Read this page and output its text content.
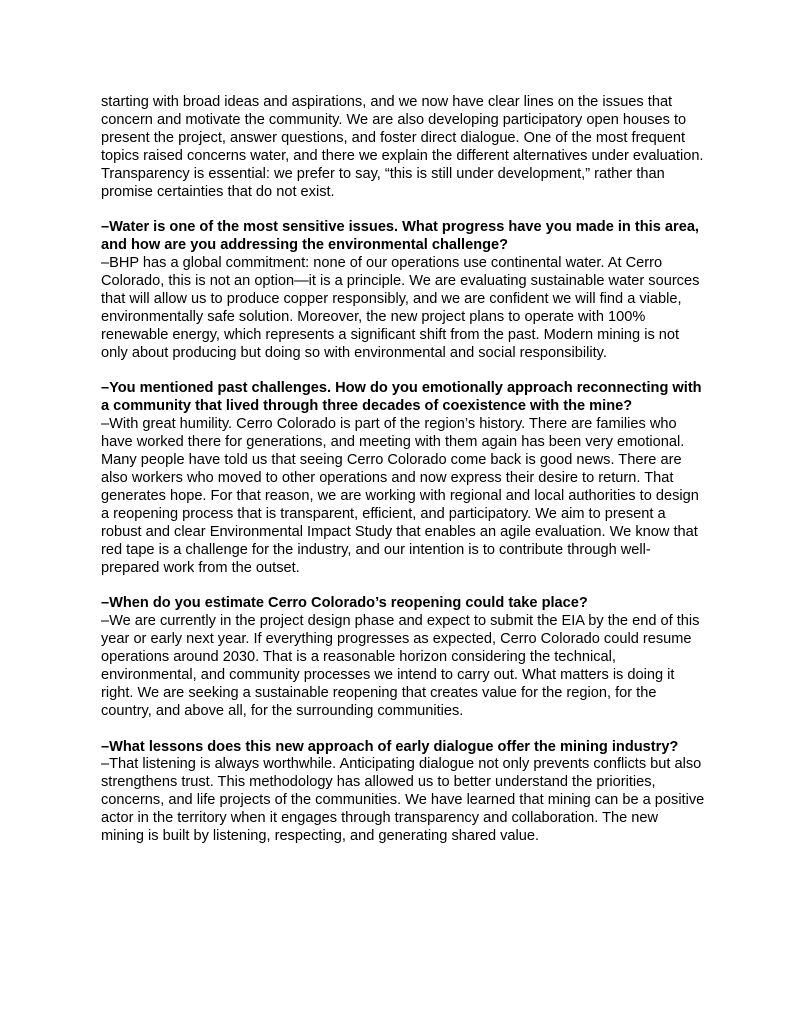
starting with broad ideas and aspirations, and we now have clear lines on the issues that concern and motivate the community. We are also developing participatory open houses to present the project, answer questions, and foster direct dialogue. One of the most frequent topics raised concerns water, and there we explain the different alternatives under evaluation. Transparency is essential: we prefer to say, “this is still under development,” rather than promise certainties that do not exist.

–Water is one of the most sensitive issues. What progress have you made in this area, and how are you addressing the environmental challenge?

–BHP has a global commitment: none of our operations use continental water. At Cerro Colorado, this is not an option—it is a principle. We are evaluating sustainable water sources that will allow us to produce copper responsibly, and we are confident we will find a viable, environmentally safe solution. Moreover, the new project plans to operate with 100% renewable energy, which represents a significant shift from the past. Modern mining is not only about producing but doing so with environmental and social responsibility.

–You mentioned past challenges. How do you emotionally approach reconnecting with a community that lived through three decades of coexistence with the mine?

–With great humility. Cerro Colorado is part of the region’s history. There are families who have worked there for generations, and meeting with them again has been very emotional. Many people have told us that seeing Cerro Colorado come back is good news. There are also workers who moved to other operations and now express their desire to return. That generates hope. For that reason, we are working with regional and local authorities to design a reopening process that is transparent, efficient, and participatory. We aim to present a robust and clear Environmental Impact Study that enables an agile evaluation. We know that red tape is a challenge for the industry, and our intention is to contribute through well-prepared work from the outset.

–When do you estimate Cerro Colorado’s reopening could take place?

–We are currently in the project design phase and expect to submit the EIA by the end of this year or early next year. If everything progresses as expected, Cerro Colorado could resume operations around 2030. That is a reasonable horizon considering the technical, environmental, and community processes we intend to carry out. What matters is doing it right. We are seeking a sustainable reopening that creates value for the region, for the country, and above all, for the surrounding communities.

–What lessons does this new approach of early dialogue offer the mining industry?

–That listening is always worthwhile. Anticipating dialogue not only prevents conflicts but also strengthens trust. This methodology has allowed us to better understand the priorities, concerns, and life projects of the communities. We have learned that mining can be a positive actor in the territory when it engages through transparency and collaboration. The new mining is built by listening, respecting, and generating shared value.
